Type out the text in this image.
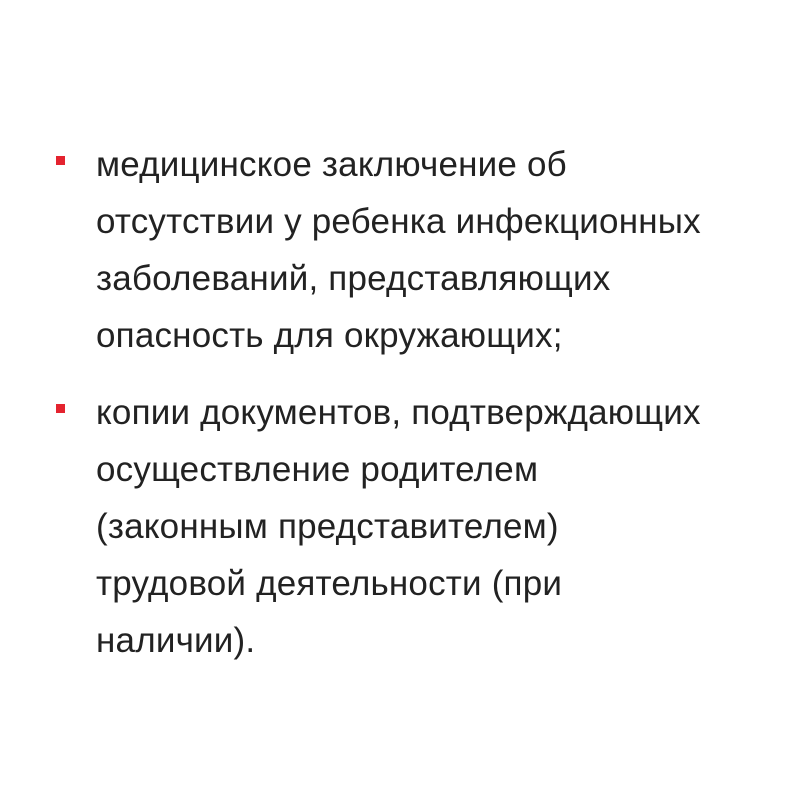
медицинское заключение об
отсутствии у ребенка инфекционных
заболеваний, представляющих
опасность для окружающих;
копии документов, подтверждающих
осуществление родителем
(законным представителем)
трудовой деятельности (при
наличии).
